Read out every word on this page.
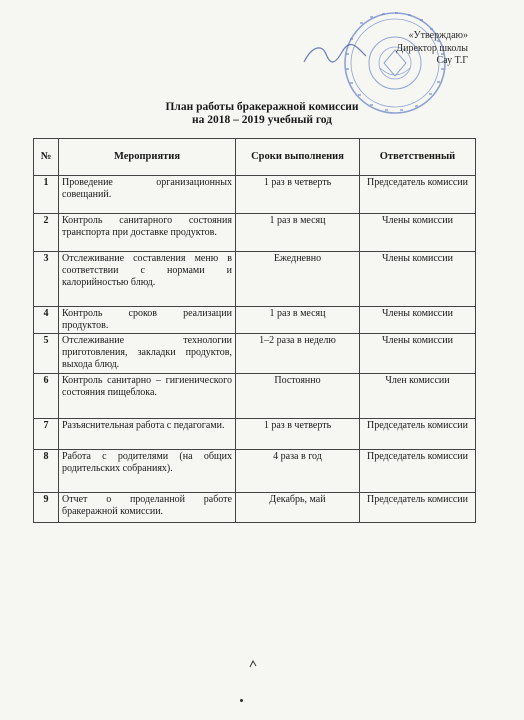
«Утверждаю»
Директор школы
Сау Т.Г
План работы бракеражной комиссии
на 2018 – 2019 учебный год
№	Мероприятия	Сроки выполнения	Ответственный
1	Проведение организационных совещаний.	1 раз в четверть	Председатель комиссии
2	Контроль санитарного состояния транспорта при доставке продуктов.	1 раз в месяц	Члены комиссии
3	Отслеживание составления меню в соответствии с нормами и калорийностью блюд.	Ежедневно	Члены комиссии
4	Контроль сроков реализации продуктов.	1 раз в месяц	Члены комиссии
5	Отслеживание технологии приготовления, закладки продуктов, выхода блюд.	1–2 раза в неделю	Члены комиссии
6	Контроль санитарно – гигиенического состояния пищеблока.	Постоянно	Член комиссии
7	Разъяснительная работа с педагогами.	1 раз в четверть	Председатель комиссии
8	Работа с родителями (на общих родительских собраниях).	4 раза в год	Председатель комиссии
9	Отчет о проделанной работе бракеражной комиссии.	Декабрь, май	Председатель комиссии
